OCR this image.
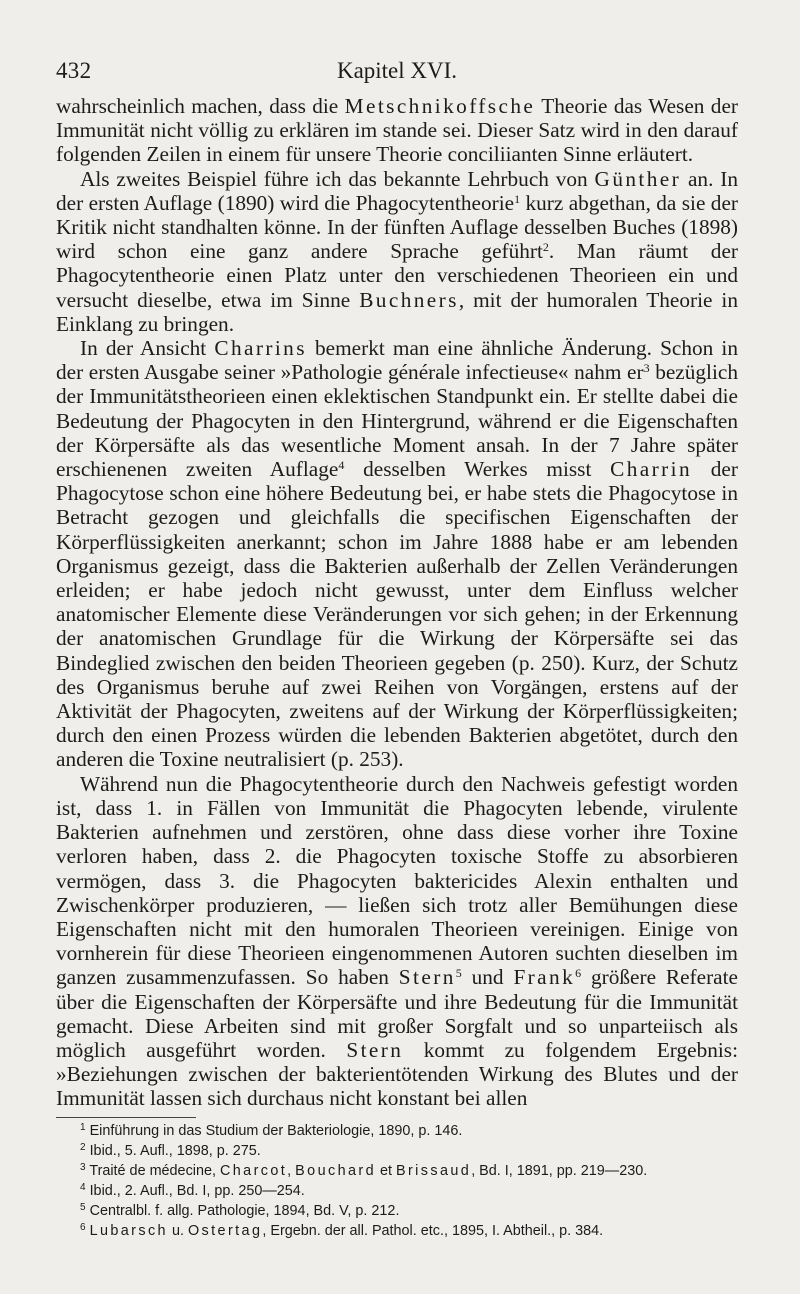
432	Kapitel XVI.

wahrscheinlich machen, dass die Metschnikoffsche Theorie das Wesen der Immunität nicht völlig zu erklären im stande sei. Dieser Satz wird in den darauf folgenden Zeilen in einem für unsere Theorie conciliianten Sinne erläutert.

Als zweites Beispiel führe ich das bekannte Lehrbuch von Günther an. In der ersten Auflage (1890) wird die Phagocytentheorie$^1$ kurz abgethan, da sie der Kritik nicht standhalten könne. In der fünften Auflage desselben Buches (1898) wird schon eine ganz andere Sprache geführt$^2$. Man räumt der Phagocytentheorie einen Platz unter den verschiedenen Theorieen ein und versucht dieselbe, etwa im Sinne Buchners, mit der humoralen Theorie in Einklang zu bringen.

In der Ansicht Charrins bemerkt man eine ähnliche Änderung. Schon in der ersten Ausgabe seiner »Pathologie générale infectieuse« nahm $er^3$ bezüglich der Immunitätstheorieen einen eklektischen Standpunkt ein. Er stellte dabei die Bedeutung der Phagocyten in den Hintergrund, während er die Eigenschaften der Körpersäfte als das wesentliche Moment ansah. In der 7 Jahre später erschienenen zweiten Auflage$^4$ desselben Werkes misst Charrin der Phagocytose schon eine höhere Bedeutung bei, er habe stets die Phagocytose in Betracht gezogen und gleichfalls die specifischen Eigenschaften der Körperflüssigkeiten anerkannt; schon im Jahre 1888 habe er am lebenden Organismus gezeigt, dass die Bakterien außerhalb der Zellen Veränderungen erleiden; er habe jedoch nicht gewusst, unter dem Einfluss welcher anatomischer Elemente diese Veränderungen vor sich gehen; in der Erkennung der anatomischen Grundlage für die Wirkung der Körpersäfte sei das Bindeglied zwischen den beiden Theorieen gegeben (p. 250). Kurz, der Schutz des Organismus beruhe auf zwei Reihen von Vorgängen, erstens auf der Aktivität der Phagocyten, zweitens auf der Wirkung der Körperflüssigkeiten; durch den einen Prozess würden die lebenden Bakterien abgetötet, durch den anderen die Toxine neutralisiert (p. 253).

Während nun die Phagocytentheorie durch den Nachweis gefestigt worden ist, dass 1. in Fällen von Immunität die Phagocyten lebende, virulente Bakterien aufnehmen und zerstören, ohne dass diese vorher ihre Toxine verloren haben, dass 2. die Phagocyten toxische Stoffe zu absorbieren vermögen, dass 3. die Phagocyten baktericides Alexin enthalten und Zwischenkörper produzieren, — ließen sich trotz aller Bemühungen diese Eigenschaften nicht mit den humoralen Theorieen vereinigen. Einige von vornherein für diese Theorieen eingenommenen Autoren suchten dieselben im ganzen zusammenzufassen. So haben Stern$^5$ und Frank$^6$ größere Referate über die Eigenschaften der Körpersäfte und ihre Bedeutung für die Immunität gemacht. Diese Arbeiten sind mit großer Sorgfalt und so unparteiisch als möglich ausgeführt worden. Stern kommt zu folgendem Ergebnis: »Beziehungen zwischen der bakterientötenden Wirkung des Blutes und der Immunität lassen sich durchaus nicht konstant bei allen

$^1$ Einführung in das Studium der Bakteriologie, 1890, p. 146.
$^2$ Ibid., 5. Aufl., 1898, p. 275.
$^3$ Traité de médecine, Charcot, Bouchard et Brissaud, Bd. I, 1891, pp. 219—230.
$^4$ Ibid., 2. Aufl., Bd. I, pp. 250—254.
$^5$ Centralbl. f. allg. Pathologie, 1894, Bd. V, p. 212.
$^6$ Lubarsch u. Ostertag, Ergebn. der all. Pathol. etc., 1895, I. Abtheil., p. 384.
